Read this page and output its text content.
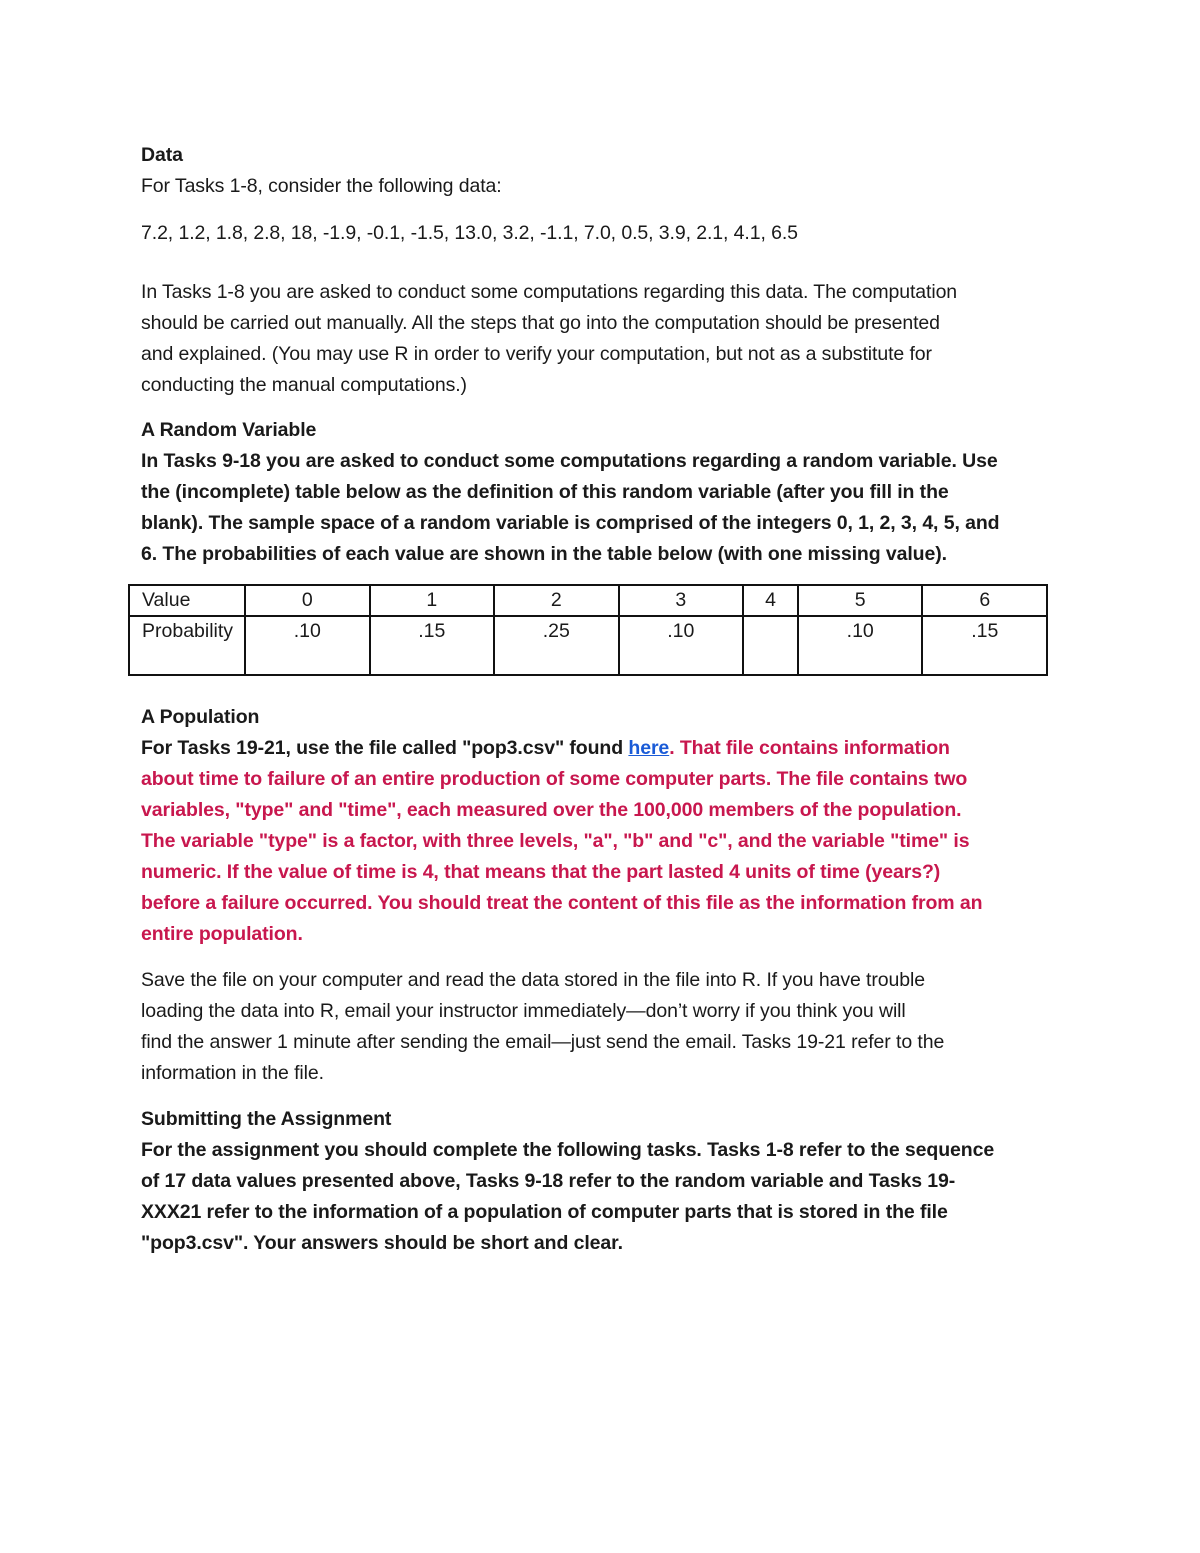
Data
For Tasks 1-8, consider the following data:
7.2, 1.2, 1.8, 2.8, 18, -1.9, -0.1, -1.5, 13.0, 3.2, -1.1, 7.0, 0.5, 3.9, 2.1, 4.1, 6.5
In Tasks 1-8 you are asked to conduct some computations regarding this data. The computation
should be carried out manually. All the steps that go into the computation should be presented
and explained. (You may use R in order to verify your computation, but not as a substitute for
conducting the manual computations.)
A Random Variable
In Tasks 9-18 you are asked to conduct some computations regarding a random variable. Use
the (incomplete) table below as the definition of this random variable (after you fill in the
blank). The sample space of a random variable is comprised of the integers 0, 1, 2, 3, 4, 5, and
6. The probabilities of each value are shown in the table below (with one missing value).
Value	0	1	2	3	4	5	6
Probability	.10	.15	.25	.10		.10	.15
A Population
For Tasks 19-21, use the file called "pop3.csv" found here. That file contains information
about time to failure of an entire production of some computer parts. The file contains two
variables, "type" and "time", each measured over the 100,000 members of the population.
The variable "type" is a factor, with three levels, "a", "b" and "c", and the variable "time" is
numeric. If the value of time is 4, that means that the part lasted 4 units of time (years?)
before a failure occurred. You should treat the content of this file as the information from an
entire population.
Save the file on your computer and read the data stored in the file into R. If you have trouble
loading the data into R, email your instructor immediately—don’t worry if you think you will
find the answer 1 minute after sending the email—just send the email. Tasks 19-21 refer to the
information in the file.
Submitting the Assignment
For the assignment you should complete the following tasks. Tasks 1-8 refer to the sequence
of 17 data values presented above, Tasks 9-18 refer to the random variable and Tasks 19-
XXX21 refer to the information of a population of computer parts that is stored in the file
"pop3.csv". Your answers should be short and clear.
